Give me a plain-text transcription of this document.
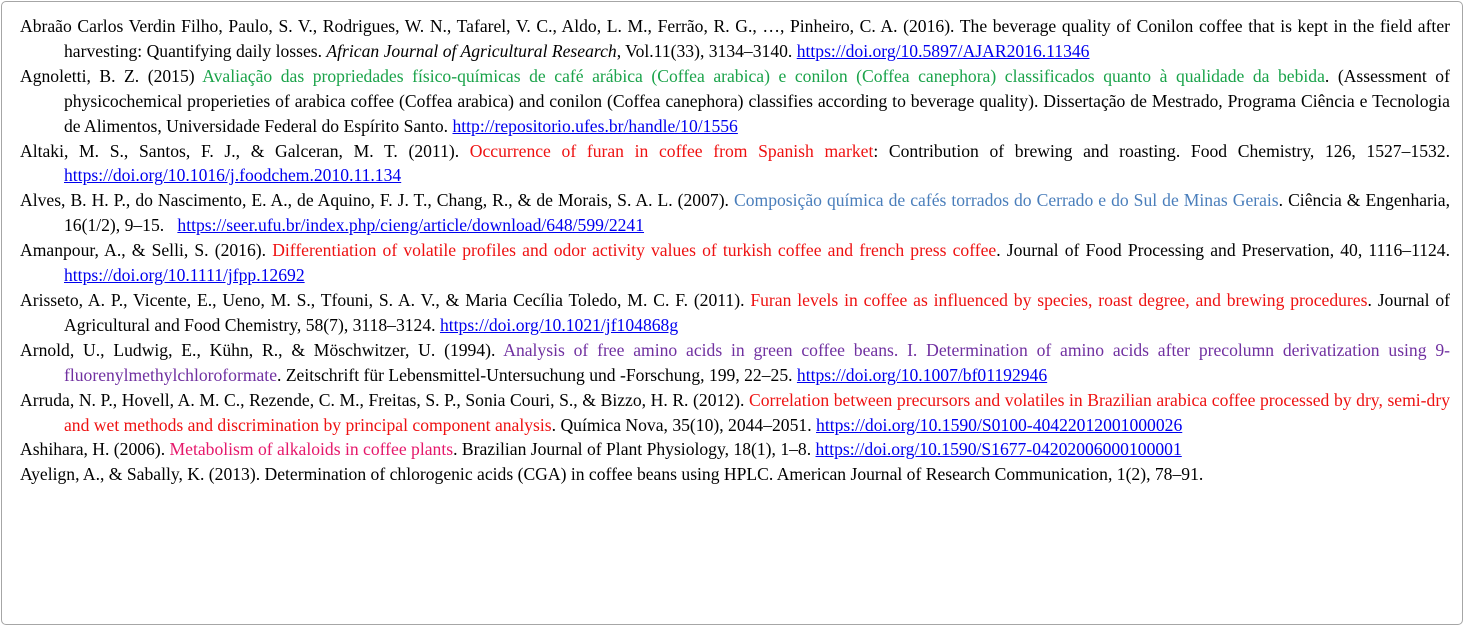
Abraão Carlos Verdin Filho, Paulo, S. V., Rodrigues, W. N., Tafarel, V. C., Aldo, L. M., Ferrão, R. G., …, Pinheiro, C. A. (2016). The beverage quality of Conilon coffee that is kept in the field after harvesting: Quantifying daily losses. African Journal of Agricultural Research, Vol.11(33), 3134–3140. https://doi.org/10.5897/AJAR2016.11346

Agnoletti, B. Z. (2015) Avaliação das propriedades físico-químicas de café arábica (Coffea arabica) e conilon (Coffea canephora) classificados quanto à qualidade da bebida. (Assessment of physicochemical properieties of arabica coffee (Coffea arabica) and conilon (Coffea canephora) classifies according to beverage quality). Dissertação de Mestrado, Programa Ciência e Tecnologia de Alimentos, Universidade Federal do Espírito Santo. http://repositorio.ufes.br/handle/10/1556

Altaki, M. S., Santos, F. J., & Galceran, M. T. (2011). Occurrence of furan in coffee from Spanish market: Contribution of brewing and roasting. Food Chemistry, 126, 1527–1532. https://doi.org/10.1016/j.foodchem.2010.11.134

Alves, B. H. P., do Nascimento, E. A., de Aquino, F. J. T., Chang, R., & de Morais, S. A. L. (2007). Composição química de cafés torrados do Cerrado e do Sul de Minas Gerais. Ciência & Engenharia, 16(1/2), 9–15. https://seer.ufu.br/index.php/cieng/article/download/648/599/2241

Amanpour, A., & Selli, S. (2016). Differentiation of volatile profiles and odor activity values of turkish coffee and french press coffee. Journal of Food Processing and Preservation, 40, 1116–1124. https://doi.org/10.1111/jfpp.12692

Arisseto, A. P., Vicente, E., Ueno, M. S., Tfouni, S. A. V., & Maria Cecília Toledo, M. C. F. (2011). Furan levels in coffee as influenced by species, roast degree, and brewing procedures. Journal of Agricultural and Food Chemistry, 58(7), 3118–3124. https://doi.org/10.1021/jf104868g

Arnold, U., Ludwig, E., Kühn, R., & Möschwitzer, U. (1994). Analysis of free amino acids in green coffee beans. I. Determination of amino acids after precolumn derivatization using 9-fluorenylmethylchloroformate. Zeitschrift für Lebensmittel-Untersuchung und -Forschung, 199, 22–25. https://doi.org/10.1007/bf01192946

Arruda, N. P., Hovell, A. M. C., Rezende, C. M., Freitas, S. P., Sonia Couri, S., & Bizzo, H. R. (2012). Correlation between precursors and volatiles in Brazilian arabica coffee processed by dry, semi-dry and wet methods and discrimination by principal component analysis. Química Nova, 35(10), 2044–2051. https://doi.org/10.1590/S0100-40422012001000026

Ashihara, H. (2006). Metabolism of alkaloids in coffee plants. Brazilian Journal of Plant Physiology, 18(1), 1–8. https://doi.org/10.1590/S1677-04202006000100001

Ayelign, A., & Sabally, K. (2013). Determination of chlorogenic acids (CGA) in coffee beans using HPLC. American Journal of Research Communication, 1(2), 78–91.
